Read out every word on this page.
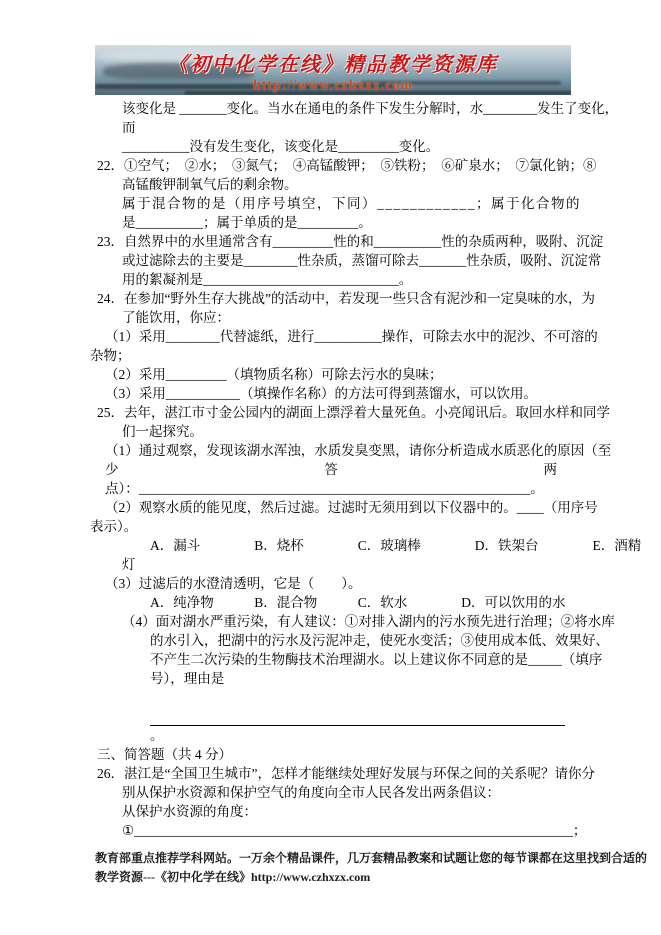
《初中化学在线》精品教学资源库
http://www.czhxzx.com
该变化是 _______变化。当水在通电的条件下发生分解时，水________发生了变化，
而
__________没有发生变化，该变化是_________变化。
22．①空气；　②水；　③氮气；　④高锰酸钾；　⑤铁粉；　⑥矿泉水；　⑦氯化钠；⑧
高锰酸钾制氧气后的剩余物。
属于混合物的是（用序号填空，下同）____________；属于化合物的
是__________；属于单质的是_________。
23．自然界中的水里通常含有_________性的和__________性的杂质两种，吸附、沉淀
或过滤除去的主要是________性杂质，蒸馏可除去_______性杂质，吸附、沉淀常
用的絮凝剂是_____________________________。
24．在参加“野外生存大挑战”的活动中，若发现一些只含有泥沙和一定臭味的水，为
了能饮用，你应：
（1）采用________代替滤纸，进行__________操作，可除去水中的泥沙、不可溶的
杂物；
（2）采用_________（填物质名称）可除去污水的臭味；
（3）采用___________（填操作名称）的方法可得到蒸馏水，可以饮用。
25．去年，湛江市寸金公园内的湖面上漂浮着大量死鱼。小亮闻讯后。取回水样和同学
们一起探究。
（1）通过观察，发现该湖水浑浊，水质发臭变黑，请你分析造成水质恶化的原因（至
少	答	两
点）：__________________________________________________________。
（2）观察水质的能见度，然后过滤。过滤时无须用到以下仪器中的。____（用序号
表示）。
A．漏斗　　　　B．烧杯　　　　C．玻璃棒　　　　D．铁架台　　　　E．酒精
灯
（3）过滤后的水澄清透明，它是（　　）。
A．纯净物　　　B．混合物　　　C．软水　　　　D．可以饮用的水
（4）面对湖水严重污染，有人建议：①对排入湖内的污水预先进行治理；②将水库
的水引入，把湖中的污水及污泥冲走，使死水变活；③使用成本低、效果好、
不产生二次污染的生物酶技术治理湖水。以上建议你不同意的是_____（填序
号），理由是
。
三、简答题（共 4 分）
26．湛江是“全国卫生城市”，怎样才能继续处理好发展与环保之间的关系呢？请你分
别从保护水资源和保护空气的角度向全市人民各发出两条倡议：
从保护水资源的角度：
①_________________________________________________________________；
教育部重点推荐学科网站。一万余个精品课件，几万套精品教案和试题让您的每节课都在这里找到合适的
教学资源---《初中化学在线》http://www.czhxzx.com
